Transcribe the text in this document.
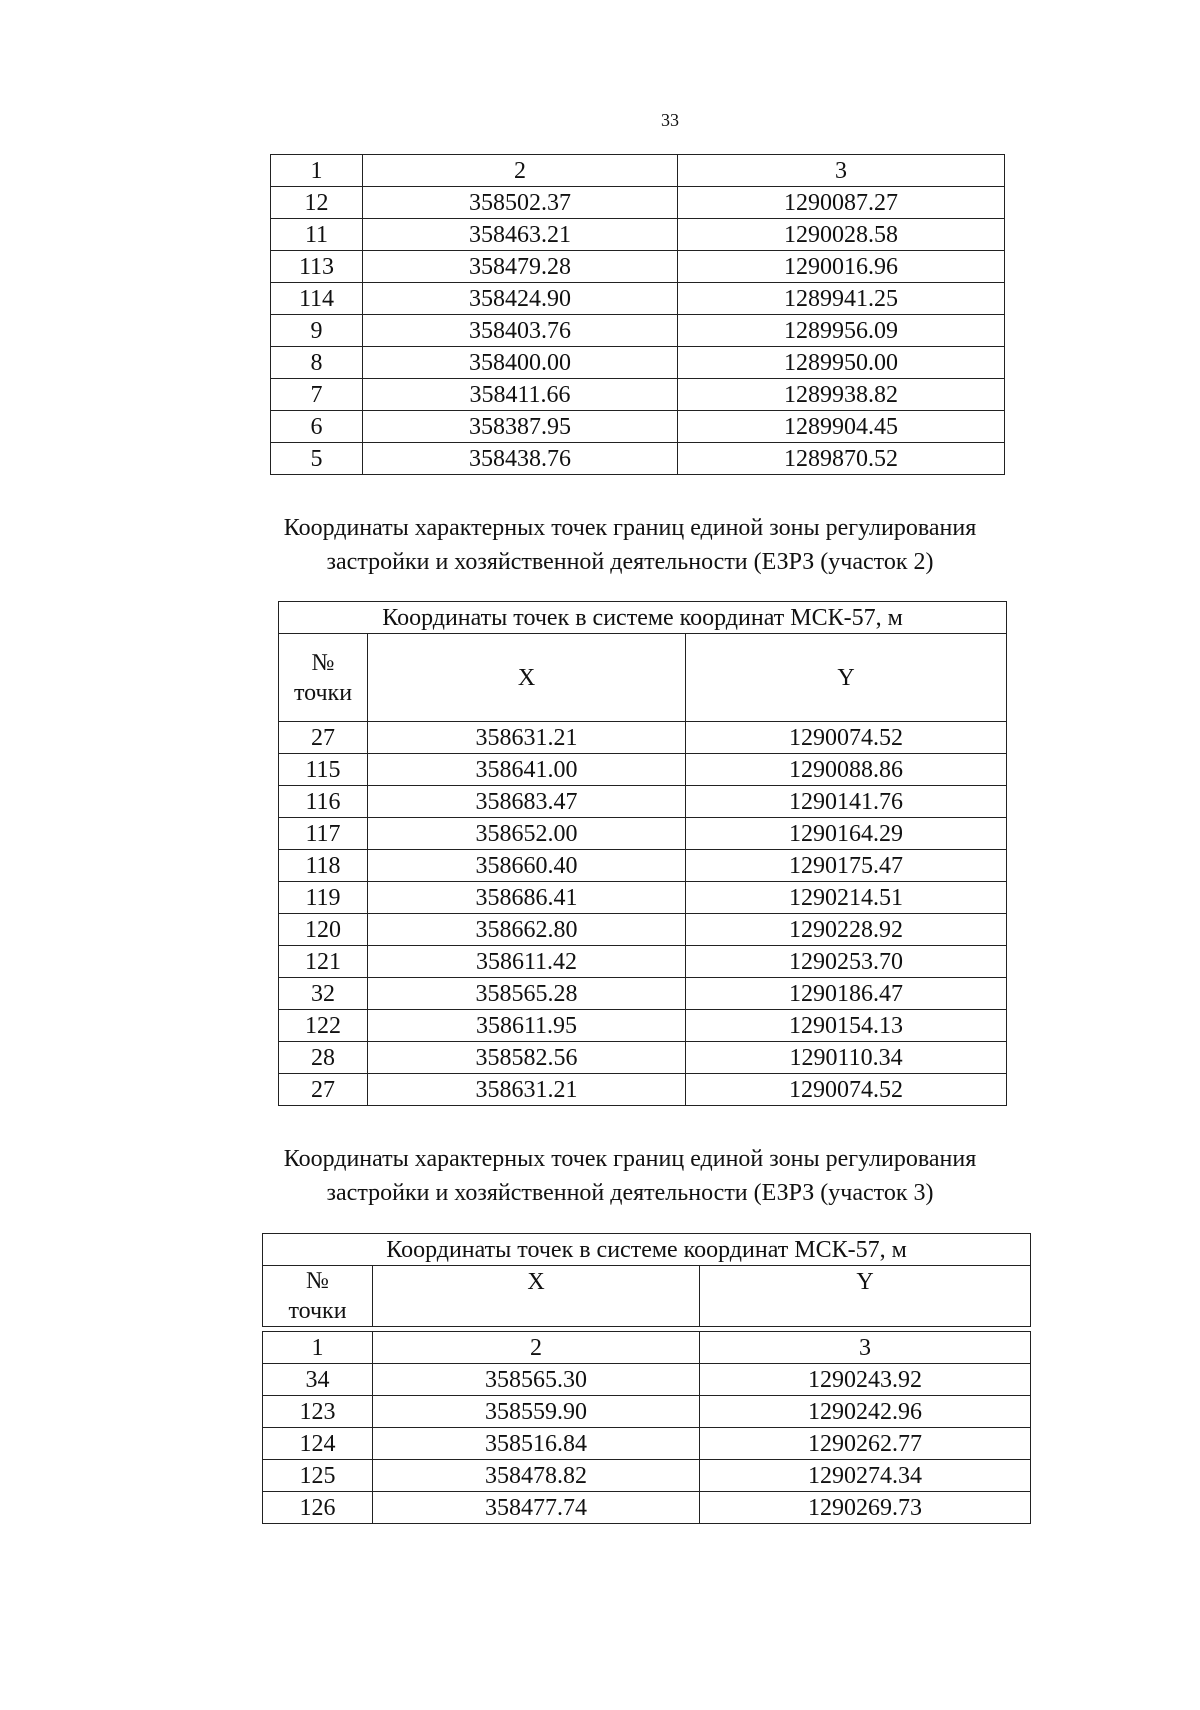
33
1	2	3
12	358502.37	1290087.27
11	358463.21	1290028.58
113	358479.28	1290016.96
114	358424.90	1289941.25
9	358403.76	1289956.09
8	358400.00	1289950.00
7	358411.66	1289938.82
6	358387.95	1289904.45
5	358438.76	1289870.52
Координаты характерных точек границ единой зоны регулирования
застройки и хозяйственной деятельности (ЕЗРЗ (участок 2)
Координаты точек в системе координат МСК-57, м		

№
точки	X	Y
27	358631.21	1290074.52
115	358641.00	1290088.86
116	358683.47	1290141.76
117	358652.00	1290164.29
118	358660.40	1290175.47
119	358686.41	1290214.51
120	358662.80	1290228.92
121	358611.42	1290253.70
32	358565.28	1290186.47
122	358611.95	1290154.13
28	358582.56	1290110.34
27	358631.21	1290074.52
Координаты характерных точек границ единой зоны регулирования
застройки и хозяйственной деятельности (ЕЗРЗ (участок 3)
Координаты точек в системе координат МСК-57, м		

№
точки	X	Y

1	2	3
34	358565.30	1290243.92
123	358559.90	1290242.96
124	358516.84	1290262.77
125	358478.82	1290274.34
126	358477.74	1290269.73
